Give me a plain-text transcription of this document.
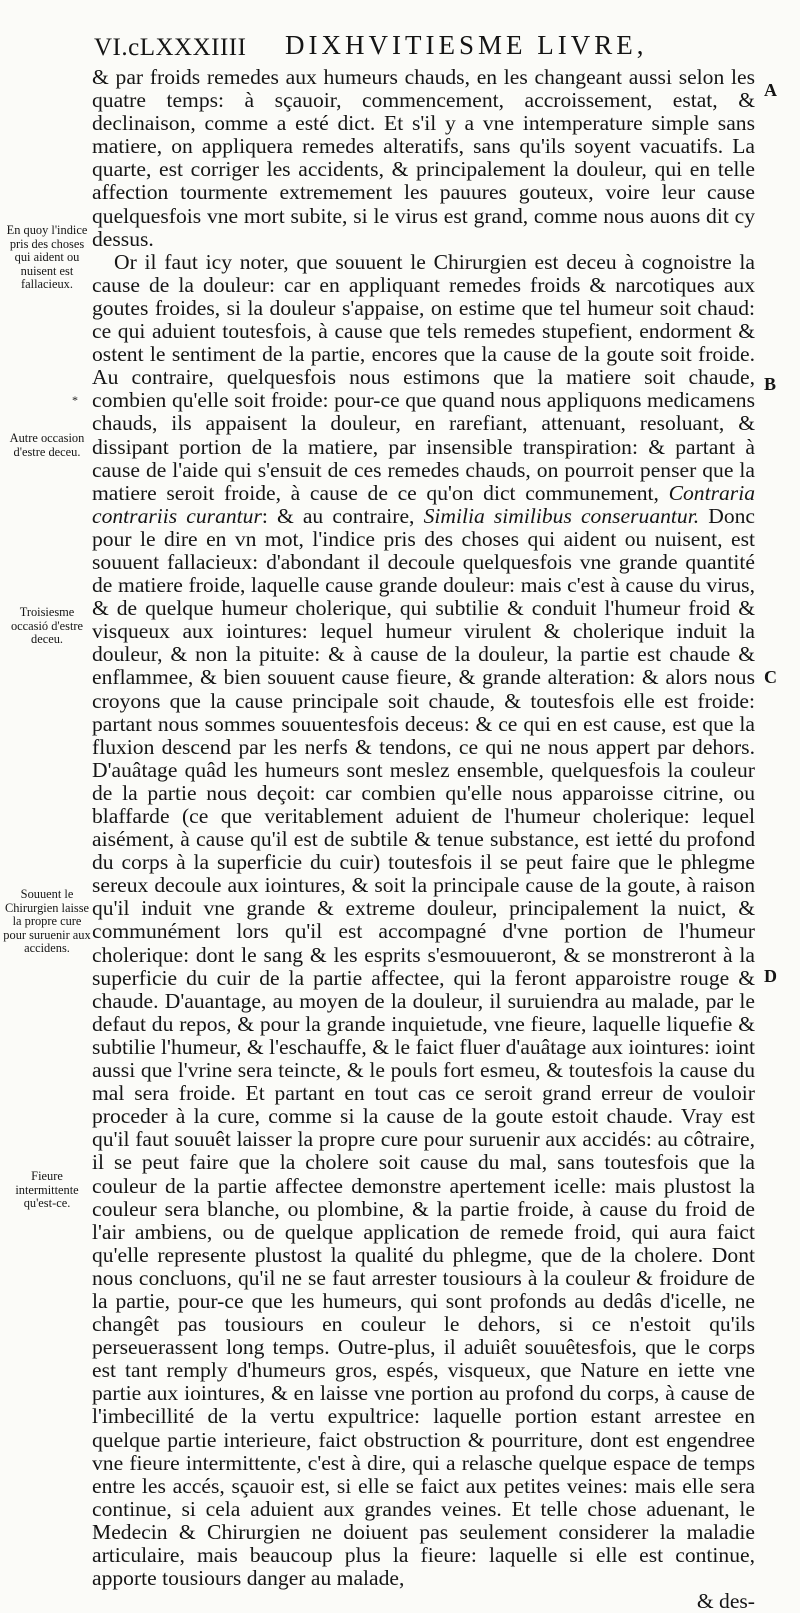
VI.cLXXXIIII DIXHVITIESME LIVRE,
En quoy l'indice pris des choses qui aident ou nuisent est fallacieux.
*
Autre occasion d'estre deceu.
Troisiesme occasió d'estre deceu.
Souuent le Chirurgien laisse la propre cure pour suruenir aux accidens.
Fieure intermittente qu'est-ce.
A
B
C
D

& par froids remedes aux humeurs chauds, en les changeant aussi selon les quatre temps: à sçauoir, commencement, accroissement, estat, & declinaison, comme a esté dict. Et s'il y a vne intemperature simple sans matiere, on appliquera remedes alteratifs, sans qu'ils soyent vacuatifs. La quarte, est corriger les accidents, & principalement la douleur, qui en telle affection tourmente extremement les pauures gouteux, voire leur cause quelquesfois vne mort subite, si le virus est grand, comme nous auons dit cy dessus.

Or il faut icy noter, que souuent le Chirurgien est deceu à cognoistre la cause de la douleur: car en appliquant remedes froids & narcotiques aux goutes froides, si la douleur s'appaise, on estime que tel humeur soit chaud: ce qui aduient toutesfois, à cause que tels remedes stupefient, endorment & ostent le sentiment de la partie, encores que la cause de la goute soit froide. Au contraire, quelquesfois nous estimons que la matiere soit chaude, combien qu'elle soit froide: pour-ce que quand nous appliquons medicamens chauds, ils appaisent la douleur, en rarefiant, attenuant, resoluant, & dissipant portion de la matiere, par insensible transpiration: & partant à cause de l'aide qui s'ensuit de ces remedes chauds, on pourroit penser que la matiere seroit froide, à cause de ce qu'on dict communement, Contraria contrariis curantur: & au contraire, Similia similibus conseruantur. Donc pour le dire en vn mot, l'indice pris des choses qui aident ou nuisent, est souuent fallacieux: d'abondant il decoule quelquesfois vne grande quantité de matiere froide, laquelle cause grande douleur: mais c'est à cause du virus, & de quelque humeur cholerique, qui subtilie & conduit l'humeur froid & visqueux aux iointures: lequel humeur virulent & cholerique induit la douleur, & non la pituite: & à cause de la douleur, la partie est chaude & enflammee, & bien souuent cause fieure, & grande alteration: & alors nous croyons que la cause principale soit chaude, & toutesfois elle est froide: partant nous sommes souuentesfois deceus: & ce qui en est cause, est que la fluxion descend par les nerfs & tendons, ce qui ne nous appert par dehors. D'auâtage quâd les humeurs sont meslez ensemble, quelquesfois la couleur de la partie nous deçoit: car combien qu'elle nous apparoisse citrine, ou blaffarde (ce que veritablement aduient de l'humeur cholerique: lequel aisément, à cause qu'il est de subtile & tenue substance, est ietté du profond du corps à la superficie du cuir) toutesfois il se peut faire que le phlegme sereux decoule aux iointures, & soit la principale cause de la goute, à raison qu'il induit vne grande & extreme douleur, principalement la nuict, & communément lors qu'il est accompagné d'vne portion de l'humeur cholerique: dont le sang & les esprits s'esmouueront, & se monstreront à la superficie du cuir de la partie affectee, qui la feront apparoistre rouge & chaude. D'auantage, au moyen de la douleur, il suruiendra au malade, par le defaut du repos, & pour la grande inquietude, vne fieure, laquelle liquefie & subtilie l'humeur, & l'eschauffe, & le faict fluer d'auâtage aux iointures: ioint aussi que l'vrine sera teincte, & le pouls fort esmeu, & toutesfois la cause du mal sera froide. Et partant en tout cas ce seroit grand erreur de vouloir proceder à la cure, comme si la cause de la goute estoit chaude. Vray est qu'il faut souuêt laisser la propre cure pour suruenir aux accidés: au côtraire, il se peut faire que la cholere soit cause du mal, sans toutesfois que la couleur de la partie affectee demonstre apertement icelle: mais plustost la couleur sera blanche, ou plombine, & la partie froide, à cause du froid de l'air ambiens, ou de quelque application de remede froid, qui aura faict qu'elle represente plustost la qualité du phlegme, que de la cholere. Dont nous concluons, qu'il ne se faut arrester tousiours à la couleur & froidure de la partie, pour-ce que les humeurs, qui sont profonds au dedâs d'icelle, ne changêt pas tousiours en couleur le dehors, si ce n'estoit qu'ils perseuerassent long temps. Outre-plus, il aduiêt souuêtesfois, que le corps est tant remply d'humeurs gros, espés, visqueux, que Nature en iette vne partie aux iointures, & en laisse vne portion au profond du corps, à cause de l'imbecillité de la vertu expultrice: laquelle portion estant arrestee en quelque partie interieure, faict obstruction & pourriture, dont est engendree vne fieure intermittente, c'est à dire, qui a relasche quelque espace de temps entre les accés, sçauoir est, si elle se faict aux petites veines: mais elle sera continue, si cela aduient aux grandes veines. Et telle chose aduenant, le Medecin & Chirurgien ne doiuent pas seulement considerer la maladie articulaire, mais beaucoup plus la fieure: laquelle si elle est continue, apporte tousiours danger au malade,

& des-
